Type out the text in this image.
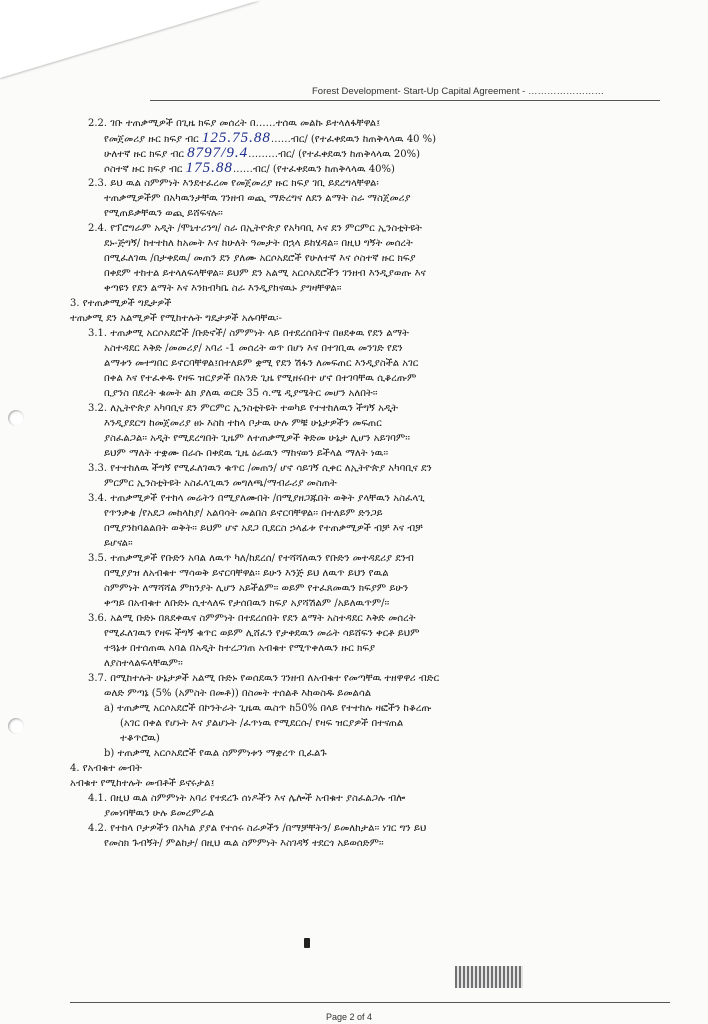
Forest Development- Start-Up Capital Agreement - ……………………
2.2. ገቡ ተጠቃሚዎች በጊዜ ክፍያ መሰረት በ……ተሰዉ መልኩ ይተላለፋቸዋል፤
የመጀመሪያ ዙር ክፍያ ብር 125.75.88……ብር/ (የተፈቀደዉን ከጠቅላላዉ 40 %)
ሁለተኛ ዙር ክፍያ ብር 8797/9.4………ብር/ (የተፈቀደዉን ከጠቅላላዉ 20%)
ሶስተኛ ዙር ክፍያ ብር 175.88……ብር/ (የተፈቀደዉን ከጠቅላላዉ 40%)
2.3. ይህ ዉል ስምምነት እንደተፈረመ የመጀመሪያ ዙር ክፍያ ገቢ ይደረግላቸዋል፡
ተጠቃሚዎችም በአካዉንታቸዉ ገንዘብ ወጪ ማድረግና ለደን ልማት ስራ ማስጀመሪያ
የሚጠይቃቸዉን ወጪ ይሸፍናሉ፡፡
2.4. የፕሮግራም አዲት /ሞኒተሪንግ/ ስራ በኢትዮጵያ የአካባቢ እና ደን ምርምር ኢንስቲትዩት
ደኑ-ጅግኝ/ ከተተከለ ከአመት እና ከሁለት ዓመታት በኋላ ይከሄዳል፡፡ በዚህ ግኝት መሰረት
በሚፈለገዉ /በታቀደዉ/ መጠን ደን ያለሙ አርሶአደሮች የሁለተኛ እና ሶስተኛ ዙር ክፍያ
በቀደም ተከተል ይተላለፍላቸዋል፡፡ ይህም ደን አልሚ አርሶአደሮችን ገንዘብ እንዲያወጡ እና
ቀጣዩን የደን ልማት እና እንክብካቤ ስራ እንዲያከናዉኑ ያግዛቸዋል፡፡
3. የተጠቃሚዎች ግዴታዎች
ተጠቃሚ ደን አልሚዎች የሚከተሉት ግዴታዎች አሉባቸዉ፡-
3.1. ተጠቃሚ አርሶአደሮች /ቡድኖች/ ስምምነት ላይ በተደረሰበትና በፀደቀዉ የደን ልማት
አስተዳደር እቅድ /መመሪያ/ አባሪ -1 መሰረት ወጥ በሆነ እና በተገቢዉ መንገድ የደን
ልማቱን መተግበር ይኖርባቸዋል፤በተለይም ቋሚ የደን ሽፋን ለመፍጠር እንዲያስችል አገር
በቀል እና የተፈቀዱ የዛፍ ዝርያዎች በአንድ ጊዜ የሚዘሩበተ ሆኖ በተገባቸዉ ሲቆረጡም
ቢያንስ በደረት ቁመት ልክ ያለዉ ወርድ 35 ሳ.ሜ ዲያሜትር መሆን አለበት፡፡
3.2. ለኢትዮጵያ አካባቢና ደን ምርምር ኢንስቲትዩት ተወካይ የተተከለዉን ችግኝ አዲት
እንዲያደርግ ከመጀመሪያ ፀኑ እስከ ተከላ ቦታዉ ሁሉ ምቹ ሁኔታዎችን መፍጠር
ያስፈልጋል፡፡ አዲት የሚደረግበት ጊዜም ለተጠቃሚዎች ቅድመ ሁኔታ ሊሆን አይገባም፡፡
ይህም ማለት ተቋሙ በራሱ በቀደዉ ጊዜ ዕራዉን ማከናወን ይችላል ማለት ነዉ፡፡
3.3. የተተከለዉ ችግኝ የሚፈለገዉን ቁጥር /መጠን/ ሆኖ ሳይገኝ ሲቀር ለኢትዮጵያ አካባቢና ደን
ምርምር ኢንስቲትዩት አስፈላጊዉን መግለጫ/ማብራሪያ መስጠት
3.4. ተጠቃሚዎች የተከላ መሬትን በሚያለሙበት /በሚያዘጋጁበት ወቅት ያላቸዉን አስፈላጊ
የጥንቃቄ /የአደጋ መከላከያ/ አልባሳት መልበስ ይኖርባቸዋል፡፡ በተለይም ድንጋይ
በሚያንከባልልበት ወቅት፡፡ ይህም ሆኖ አደጋ ቢደርስ ኃላፊቱ የተጠቃሚዎች ብቻ እና ብቻ
ይሆናል፡፡
3.5. ተጠቃሚዎች የቡድን አባል ለዉጥ ካለ/ከደረሰ/ የተሻሻለዉን የቡድን መተዳደሪያ ደንብ
በሚያያዝ ለአብቁተ ማሳወቅ ይኖርባቸዋል፡፡ ይሁን እንጅ ይህ ለዉጥ ይህን የዉል
ስምምነት ለማሻሻል ምክንያት ሊሆን አይችልም፡፡ ወይም የተፈጸመዉን ክፍያም ይሁን
ቀጣይ በአብቁተ ለቡድኑ ሲተላለፍ የታሰበዉን ክፍያ አያሻሽልም /አይለዉጥም/፡፡
3.6. አልሚ ቡድኑ በጸደቀዉና ስምምነት በተደረሰበት የደን ልማት አስተዳደር እቅድ መሰረት
የሚፈለገዉን የዛፍ ችግኝ ቁጥር ወይም ሊሸፈን የታቀደዉን መሬት ሳይሸፍን ቀርቶ ይህም
ተጓኔቱ በተሰጠዉ አባል በአዲት ከተረጋገጠ አብቁተ የሚጥቀለዉን ዙር ክፍያ
ለያስተላልፍላቸዉም፡፡
3.7. በሚከተሉት ሁኔታዎች አልሚ ቡድኑ የወሰደዉን ገንዘብ ለአብቁተ የመጣቸዉ ተዘዋዋሪ ብድር
ወለድ ምጣኔ (5% (አምስት በመቶ)) በስመት ተሰልቶ እከወስዱ ይመልሳል
a) ተጠቃሚ አርሶአደሮች በኮንትራት ጊዜዉ ዉስጥ ከ50% በላይ የተተከሉ ዛፎችን ከቆረጡ
(አገር በቀል የሆኑት እና ያልሆኑት /ፈጥነዉ የሚደርሱ/ የዛፍ ዝርያዎች በተናጠል
ተቆጥሮዉ)
b) ተጠቃሚ አርሶአደሮች የዉል ስምምነቱን ማቋረጥ ቢፈልጉ
4. የአብቁተ መብት
አብቁተ የሚከተሉት መብቶች ይኖሩታል፤
4.1. በዚህ ዉል ስምምነት አባሪ የተደረጉ ሰነዶችን እና ሌሎች አብቁተ ያስፈልጋሉ ብሎ
ያመነባቸዉን ሁሉ ይመረምራል
4.2. የተከላ ቦታዎችን በአካል ያያል የተሰሩ ስራዎችን /በማቻቸትን/ ይመለከታል፡፡ ነገር ግን ይህ
የመስክ ጉብኝት/ ምልከታ/ በዚህ ዉል ስምምነት እስገዳኝ ተደርጎ አይወሰድም፡፡
Page 2 of 4
